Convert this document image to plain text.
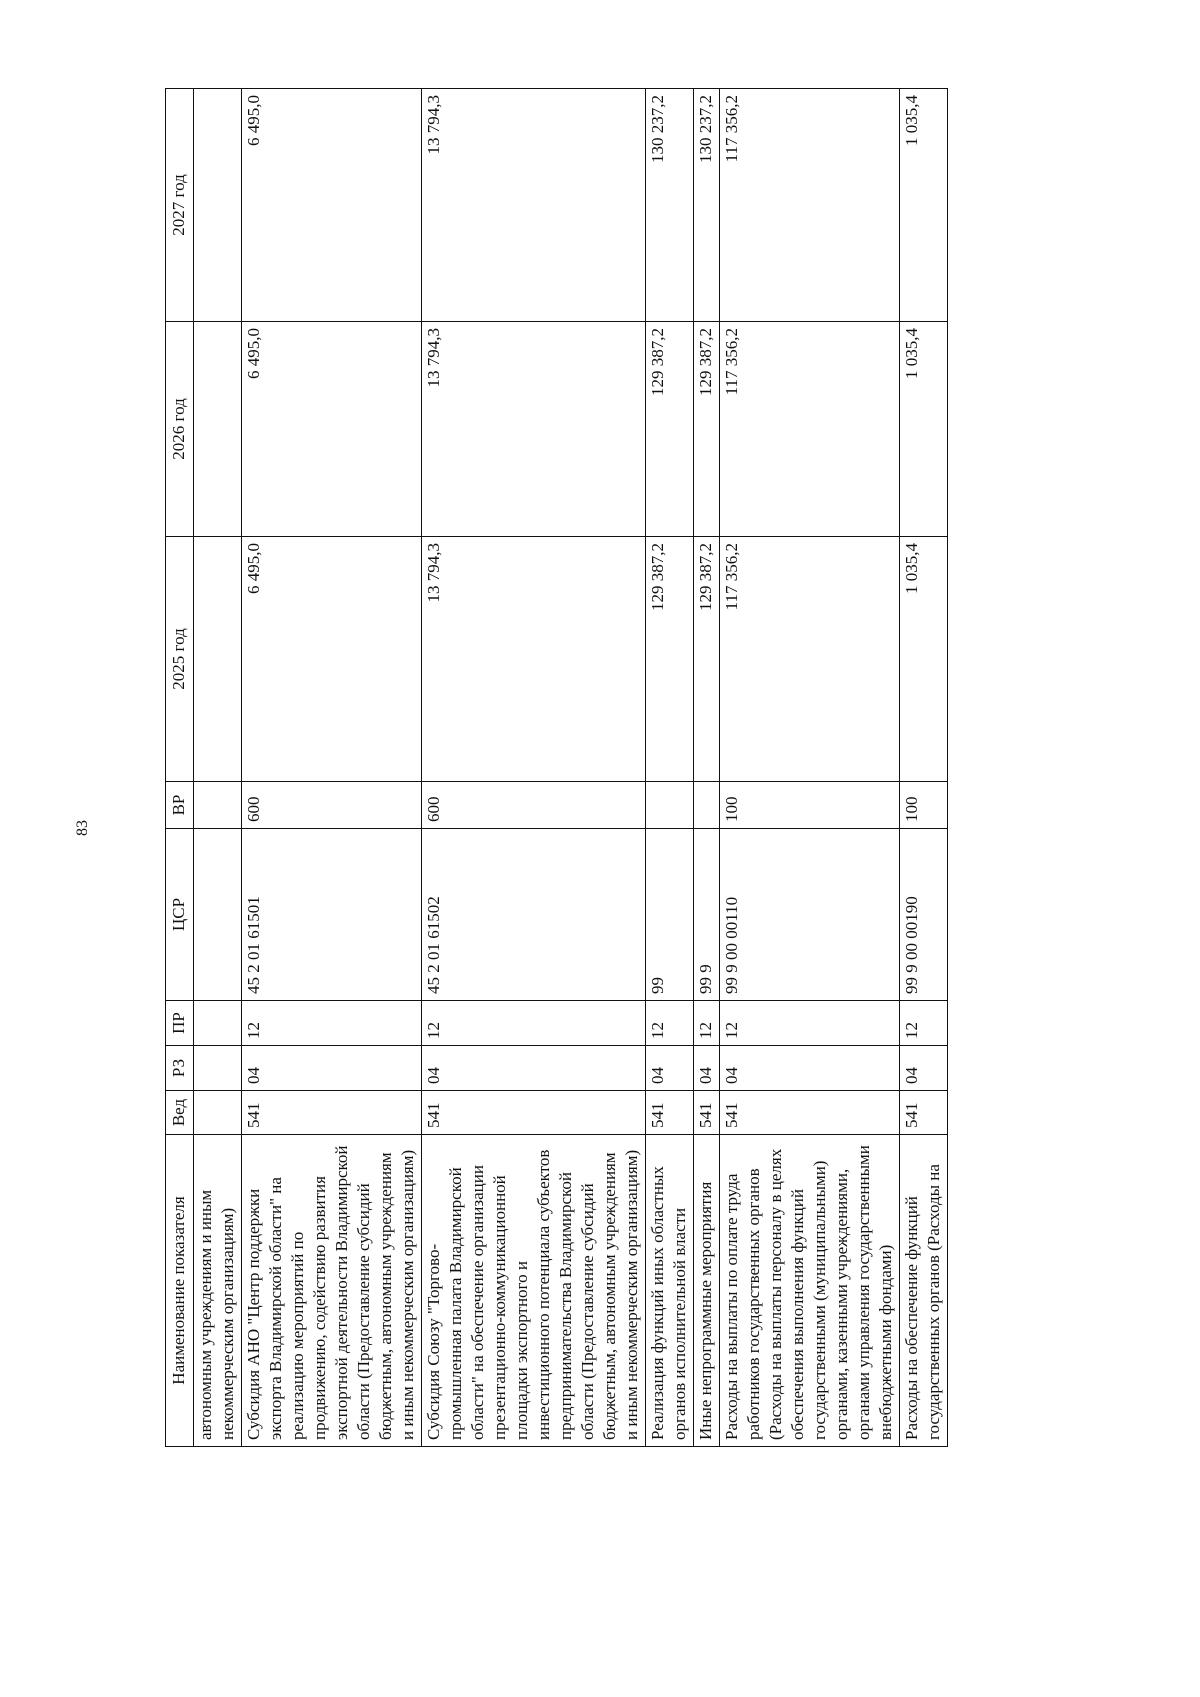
83
Наименование показателя	Вед	РЗ	ПР	ЦСР	ВР	2025 год	2026 год	2027 год
автономным учреждениям и иным некоммерческим организациям)								
Субсидия АНО "Центр поддержки экспорта Владимирской области" на реализацию мероприятий по продвижению, содействию развития экспортной деятельности Владимирской области (Предоставление субсидий бюджетным, автономным учреждениям и иным некоммерческим организациям)	541	04	12	45 2 01 61501	600	6 495,0	6 495,0	6 495,0
Субсидия Союзу "Торгово-промышленная палата Владимирской области" на обеспечение организации презентационно-коммуникационной площадки экспортного и инвестиционного потенциала субъектов предпринимательства Владимирской области (Предоставление субсидий бюджетным, автономным учреждениям и иным некоммерческим организациям)	541	04	12	45 2 01 61502	600	13 794,3	13 794,3	13 794,3
Реализация функций иных областных органов исполнительной власти	541	04	12	99		129 387,2	129 387,2	130 237,2
Иные непрограммные мероприятия	541	04	12	99 9		129 387,2	129 387,2	130 237,2
Расходы на выплаты по оплате труда работников государственных органов (Расходы на выплаты персоналу в целях обеспечения выполнения функций государственными (муниципальными) органами, казенными учреждениями, органами управления государственными внебюджетными фондами)	541	04	12	99 9 00 00110	100	117 356,2	117 356,2	117 356,2
Расходы на обеспечение функций государственных органов (Расходы на	541	04	12	99 9 00 00190	100	1 035,4	1 035,4	1 035,4
